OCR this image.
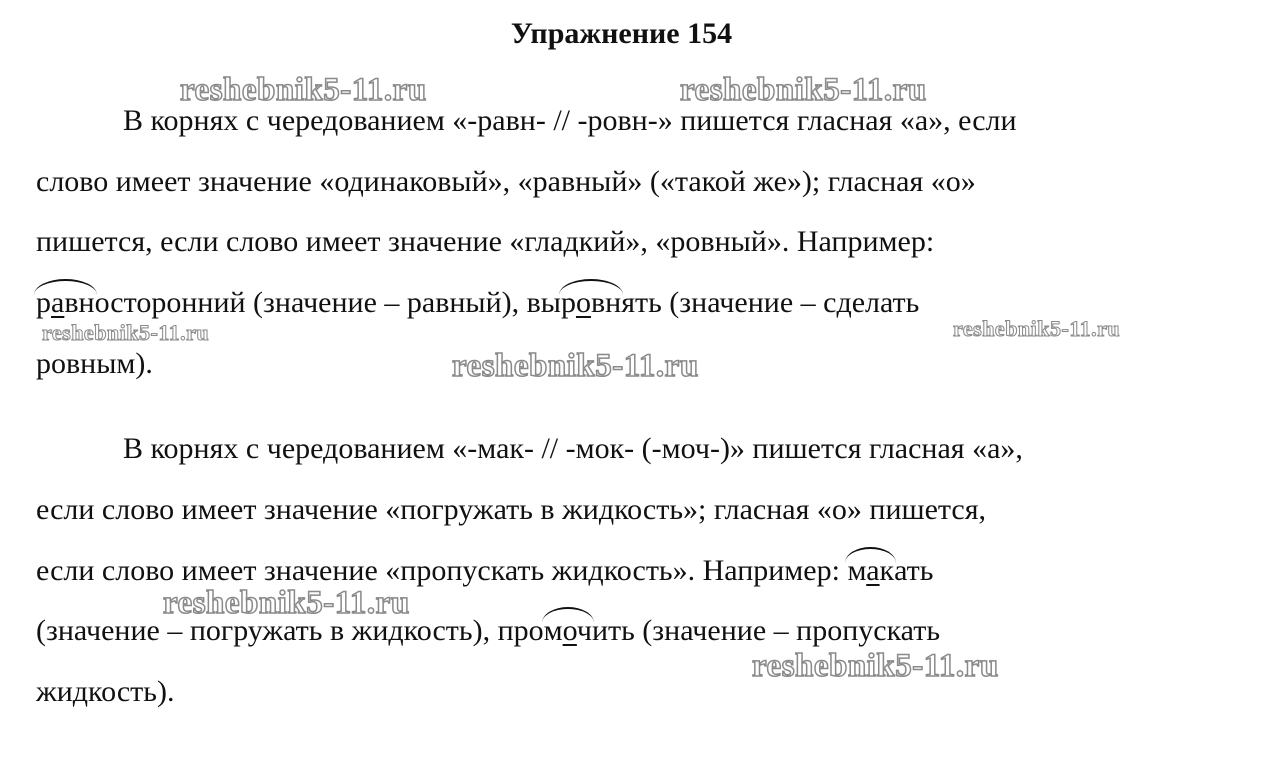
Упражнение 154
В корнях с чередованием «-равн- // -ровн-» пишется гласная «а», если
слово имеет значение «одинаковый», «равный» («такой же»); гласная «о»
пишется, если слово имеет значение «гладкий», «ровный». Например:
равносторонний (значение – равный), вы
ровнять (значение – сделать
ровным).
В корнях с чередованием «-мак- // -мок- (-моч-)» пишется гласная «а»,
если слово имеет значение «погружать в жидкость»; гласная «о» пишется,
если слово имеет значение «пропускать жидкость». Например:
макать
(значение – погружать в жидкость), про
мочить (значение – пропускать
жидкость).
reshebnik5-11.ru	reshebnik5-11.ru
reshebnik5-11.ru	reshebnik5-11.ru
reshebnik5-11.ru
reshebnik5-11.ru
reshebnik5-11.ru
